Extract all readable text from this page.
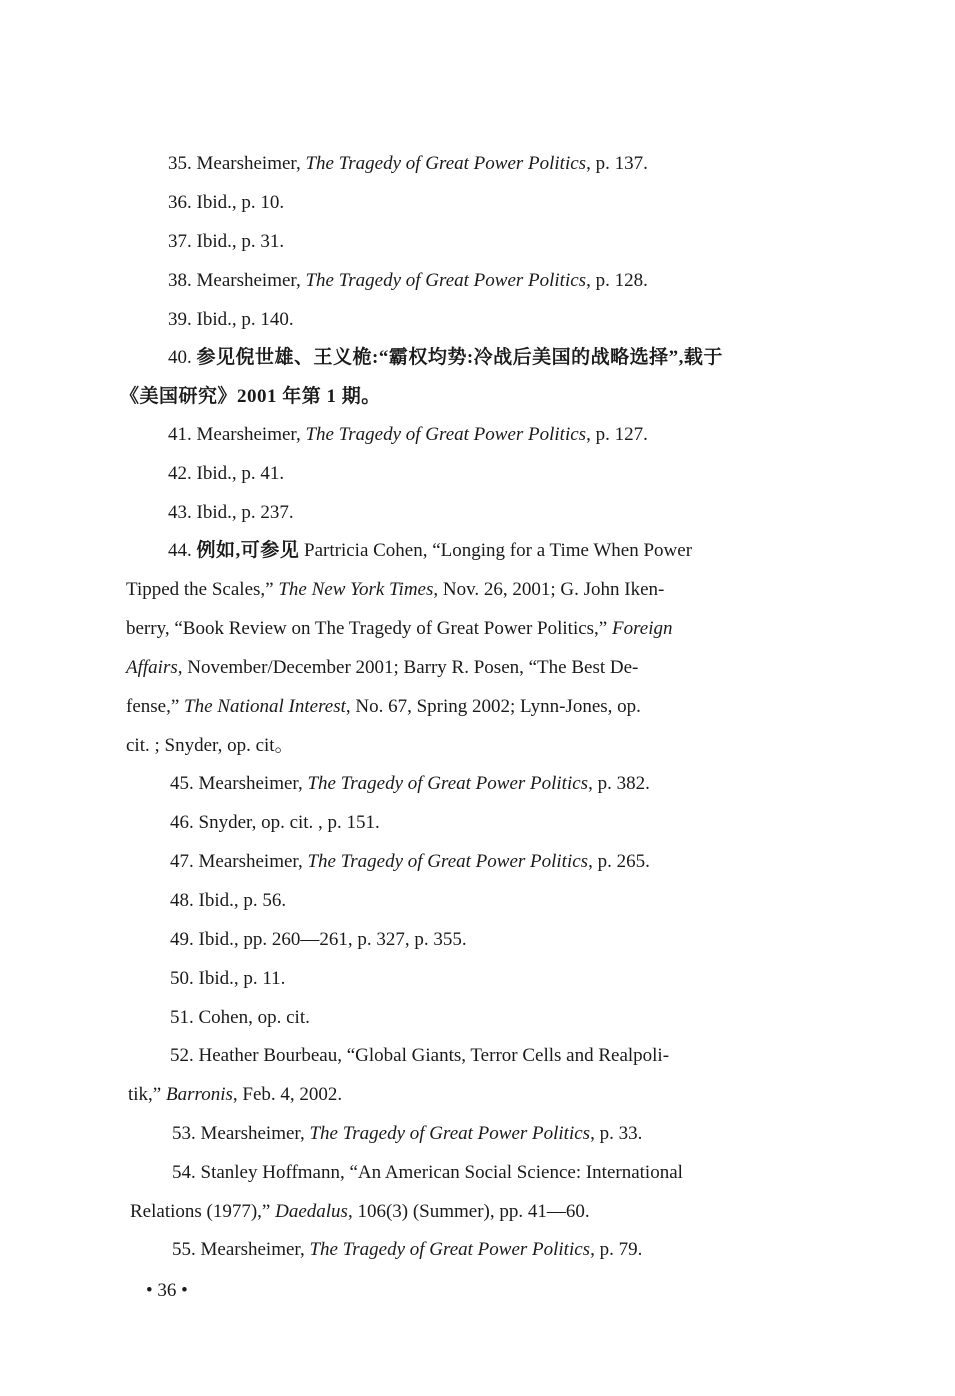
35. Mearsheimer, The Tragedy of Great Power Politics, p. 137.
36. Ibid., p. 10.
37. Ibid., p. 31.
38. Mearsheimer, The Tragedy of Great Power Politics, p. 128.
39. Ibid., p. 140.
40. 参见倪世雄、王义桅:“霸权均势:冷战后美国的战略选择”,载于
《美国研究》2001 年第 1 期。
41. Mearsheimer, The Tragedy of Great Power Politics, p. 127.
42. Ibid., p. 41.
43. Ibid., p. 237.
44. 例如,可参见 Partricia Cohen, “Longing for a Time When Power
Tipped the Scales,” The New York Times, Nov. 26, 2001; G. John Iken-
berry, “Book Review on The Tragedy of Great Power Politics,” Foreign
Affairs, November/December 2001; Barry R. Posen, “The Best De-
fense,” The National Interest, No. 67, Spring 2002; Lynn-Jones, op.
cit. ; Snyder, op. cit。
45. Mearsheimer, The Tragedy of Great Power Politics, p. 382.
46. Snyder, op. cit. , p. 151.
47. Mearsheimer, The Tragedy of Great Power Politics, p. 265.
48. Ibid., p. 56.
49. Ibid., pp. 260—261, p. 327, p. 355.
50. Ibid., p. 11.
51. Cohen, op. cit.
52. Heather Bourbeau, “Global Giants, Terror Cells and Realpoli-
tik,” Barronis, Feb. 4, 2002.
53. Mearsheimer, The Tragedy of Great Power Politics, p. 33.
54. Stanley Hoffmann, “An American Social Science: International
Relations (1977),” Daedalus, 106(3) (Summer), pp. 41—60.
55. Mearsheimer, The Tragedy of Great Power Politics, p. 79.
• 36 •
